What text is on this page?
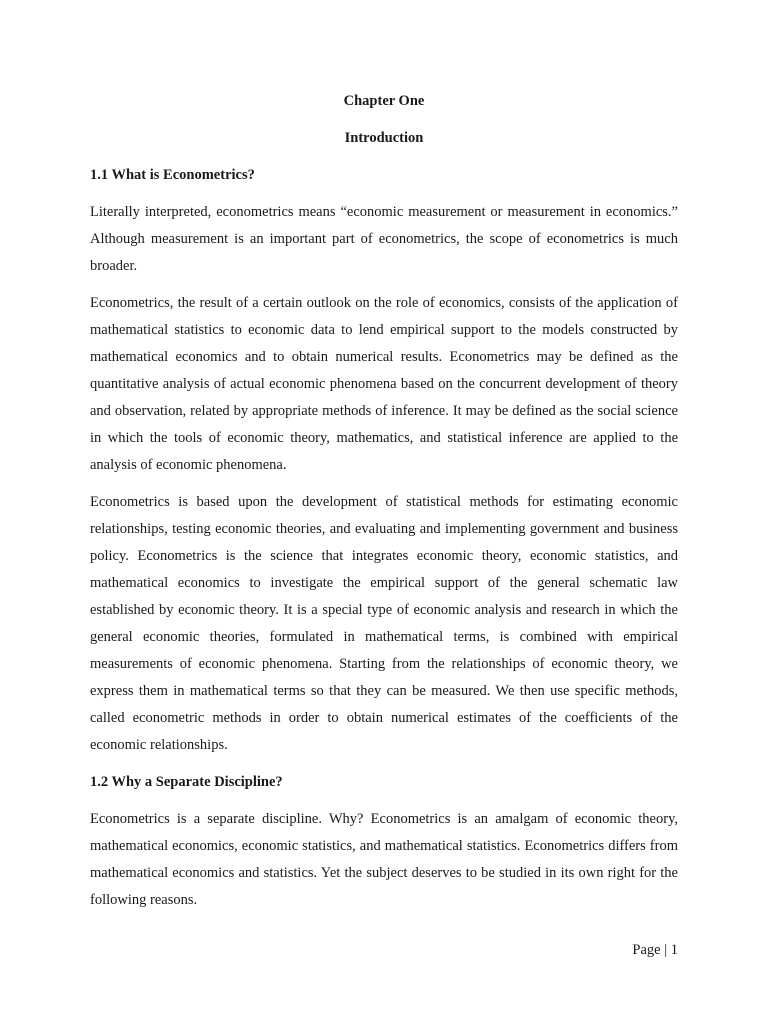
Chapter One
Introduction
1.1 What is Econometrics?

Literally interpreted, econometrics means “economic measurement or measurement in economics.” Although measurement is an important part of econometrics, the scope of econometrics is much broader.

Econometrics, the result of a certain outlook on the role of economics, consists of the application of mathematical statistics to economic data to lend empirical support to the models constructed by mathematical economics and to obtain numerical results. Econometrics may be defined as the quantitative analysis of actual economic phenomena based on the concurrent development of theory and observation, related by appropriate methods of inference. It may be defined as the social science in which the tools of economic theory, mathematics, and statistical inference are applied to the analysis of economic phenomena.

Econometrics is based upon the development of statistical methods for estimating economic relationships, testing economic theories, and evaluating and implementing government and business policy. Econometrics is the science that integrates economic theory, economic statistics, and mathematical economics to investigate the empirical support of the general schematic law established by economic theory. It is a special type of economic analysis and research in which the general economic theories, formulated in mathematical terms, is combined with empirical measurements of economic phenomena. Starting from the relationships of economic theory, we express them in mathematical terms so that they can be measured. We then use specific methods, called econometric methods in order to obtain numerical estimates of the coefficients of the economic relationships.

1.2 Why a Separate Discipline?

Econometrics is a separate discipline. Why? Econometrics is an amalgam of economic theory, mathematical economics, economic statistics, and mathematical statistics. Econometrics differs from mathematical economics and statistics. Yet the subject deserves to be studied in its own right for the following reasons.

Page | 1
